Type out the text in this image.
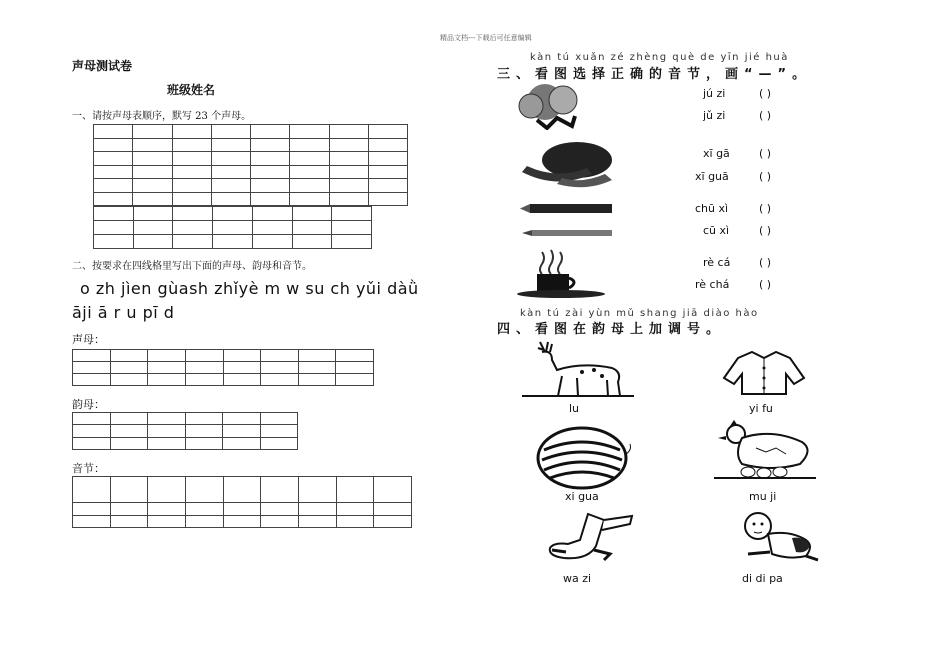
精品文档---下载后可任意编辑
声母测试卷
班级姓名
一、请按声母表顺序，默写 23 个声母。

二、按要求在四线格里写出下面的声母、韵母和音节。
o zh jìen gùash zhǐyè m w su ch yǔi dàǜ
āji ā r u pī d
声母：

韵母：

音节：

kàn tú xuǎn zé zhèng què de yīn jié huà
三、看图选择正确的音节，画“—”。
jú zi	( )
jǔ zi	( )
xī gā	( )
xī guā	( )
chū xì	( )
cū xì	( )
rè cá	( )
rè chá	( )
kàn tú zài yùn mǔ shang jiā diào hào
四、看图在韵母上加调号。
lu	yi fu
xi gua	mu ji
wa zi	di di pa
